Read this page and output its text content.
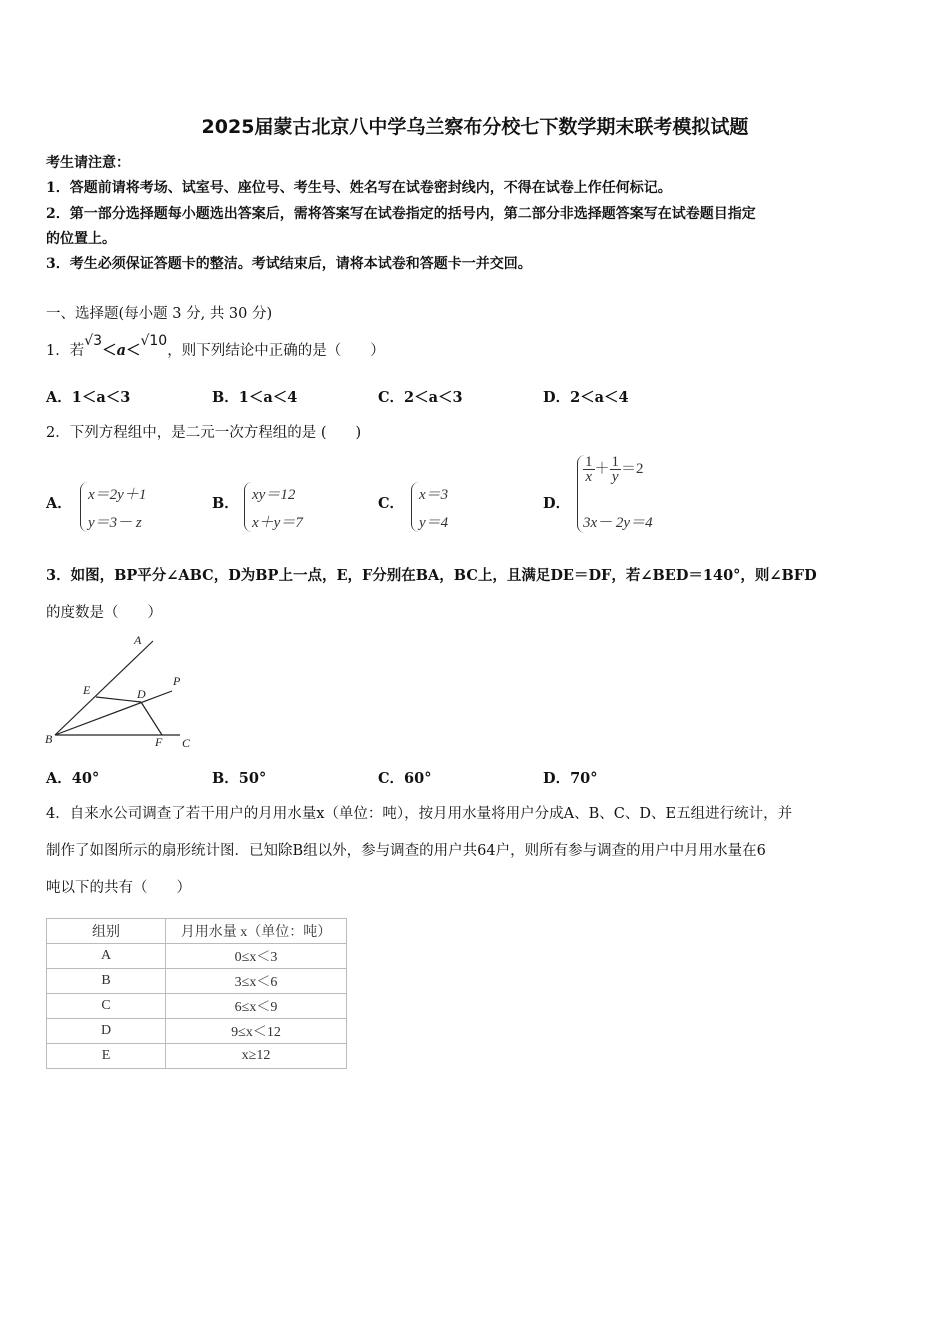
2025届蒙古北京八中学乌兰察布分校七下数学期末联考模拟试题
考生请注意：
1．答题前请将考场、试室号、座位号、考生号、姓名写在试卷密封线内，不得在试卷上作任何标记。
2．第一部分选择题每小题选出答案后，需将答案写在试卷指定的括号内，第二部分非选择题答案写在试卷题目指定
的位置上。
3．考生必须保证答题卡的整洁。考试结束后，请将本试卷和答题卡一并交回。
一、选择题(每小题 3 分, 共 30 分)
1．若√3＜a＜√10，则下列结论中正确的是（　　）
A．1＜a＜3	B．1＜a＜4	C．2＜a＜3	D．2＜a＜4
2．下列方程组中，是二元一次方程组的是 (　　)
A． x＝2y＋1
y＝3－ z
B． xy＝12
x＋y＝7
C． x＝3
y＝4
D．
$\frac{1}{x} + \frac{1}{y} =2$
3x－ 2y＝4
3．如图，BP平分∠ABC，D为BP上一点，E，F分别在BA，BC上，且满足DE＝DF，若∠BED＝140°，则∠BFD
的度数是（　　）
A
P
E	D
B	F C
A．40°	B．50°	C．60°	D．70°
4．自来水公司调查了若干用户的月用水量x（单位：吨），按月用水量将用户分成A、B、C、D、E五组进行统计，并
制作了如图所示的扇形统计图．已知除B组以外，参与调查的用户共64户，则所有参与调查的用户中月用水量在6
吨以下的共有（　　）
组别	月用水量 x（单位：吨）
A	0≤x＜3
B	3≤x＜6
C	6≤x＜9
D	9≤x＜12
E	x≥12
